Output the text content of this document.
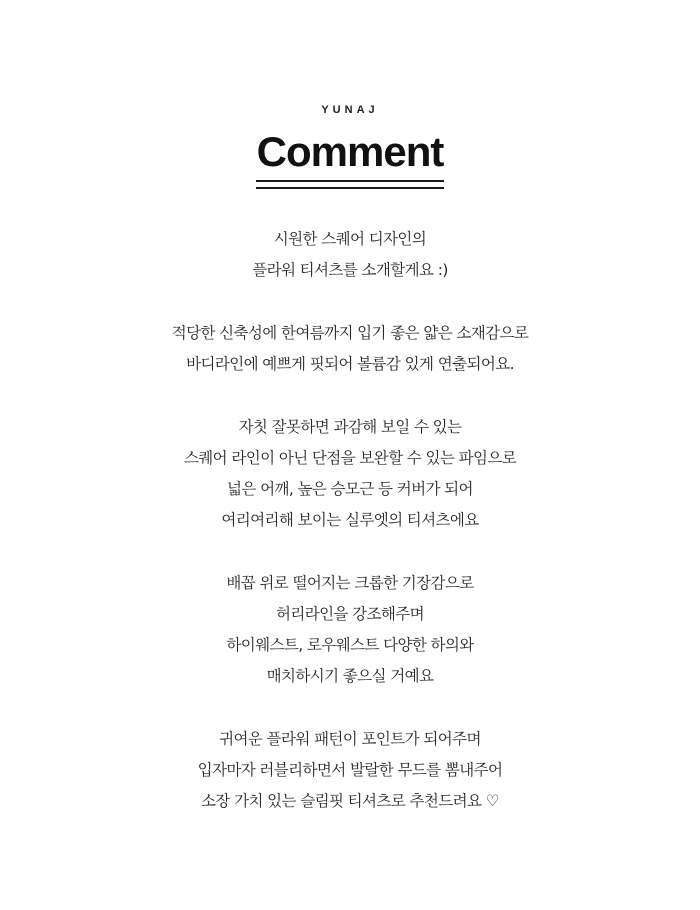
YUNAJ
Comment

시원한 스퀘어 디자인의
플라워 티셔츠를 소개할게요 :)

적당한 신축성에 한여름까지 입기 좋은 얇은 소재감으로
바디라인에 예쁘게 핏되어 볼륨감 있게 연출되어요.

자칫 잘못하면 과감해 보일 수 있는
스퀘어 라인이 아닌 단점을 보완할 수 있는 파임으로
넓은 어깨, 높은 승모근 등 커버가 되어
여리여리해 보이는 실루엣의 티셔츠에요

배꼽 위로 떨어지는 크롭한 기장감으로
허리라인을 강조해주며
하이웨스트, 로우웨스트 다양한 하의와
매치하시기 좋으실 거예요

귀여운 플라워 패턴이 포인트가 되어주며
입자마자 러블리하면서 발랄한 무드를 뽐내주어
소장 가치 있는 슬림핏 티셔츠로 추천드려요 ♡
